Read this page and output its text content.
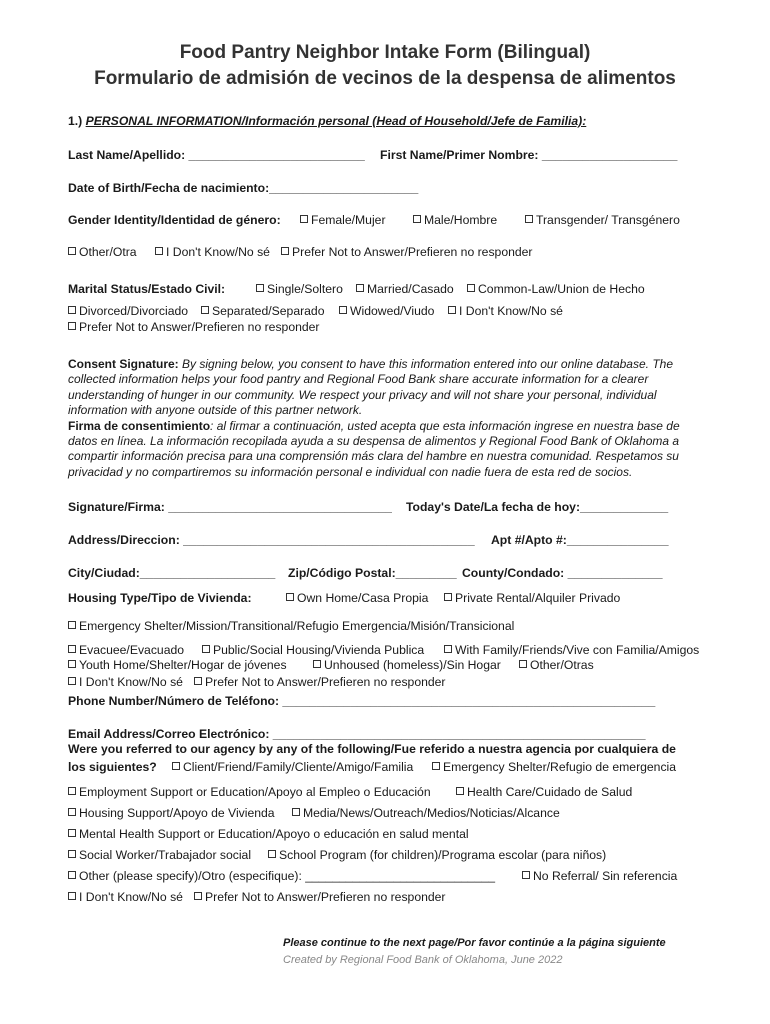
Food Pantry Neighbor Intake Form (Bilingual)
Formulario de admisión de vecinos de la despensa de alimentos
1.) PERSONAL INFORMATION/Información personal (Head of Household/Jefe de Familia):
Last Name/Apellido: __________________________ First Name/Primer Nombre: ____________________
Date of Birth/Fecha de nacimiento:______________________
Gender Identity/Identidad de género:	Female/Mujer	Male/Hombre	Transgender/ Transgénero
Other/Otra	I Don't Know/No sé	Prefer Not to Answer/Prefieren no responder
Marital Status/Estado Civil:	Single/Soltero	Married/Casado	Common-Law/Union de Hecho
Divorced/Divorciado	Separated/Separado	Widowed/Viudo	I Don't Know/No sé
Prefer Not to Answer/Prefieren no responder
Consent Signature: By signing below, you consent to have this information entered into our online database. The collected information helps your food pantry and Regional Food Bank share accurate information for a clearer understanding of hunger in our community. We respect your privacy and will not share your personal, individual information with anyone outside of this partner network.
Firma de consentimiento: al firmar a continuación, usted acepta que esta información ingrese en nuestra base de datos en línea. La información recopilada ayuda a su despensa de alimentos y Regional Food Bank of Oklahoma a compartir información precisa para una comprensión más clara del hambre en nuestra comunidad. Respetamos su privacidad y no compartiremos su información personal e individual con nadie fuera de esta red de socios.
Signature/Firma: _________________________________ Today's Date/La fecha de hoy:_____________
Address/Direccion: ___________________________________________ Apt #/Apto #:_______________
City/Ciudad:____________________ Zip/Código Postal:_________ County/Condado: ______________
Housing Type/Tipo de Vivienda:	Own Home/Casa Propia	Private Rental/Alquiler Privado
Emergency Shelter/Mission/Transitional/Refugio Emergencia/Misión/Transicional
Evacuee/Evacuado	Public/Social Housing/Vivienda Publica	With Family/Friends/Vive con Familia/Amigos
Youth Home/Shelter/Hogar de jóvenes	Unhoused (homeless)/Sin Hogar	Other/Otras
I Don't Know/No sé	Prefer Not to Answer/Prefieren no responder
Phone Number/Número de Teléfono: _______________________________________________________
Email Address/Correo Electrónico: _______________________________________________________
Were you referred to our agency by any of the following/Fue referido a nuestra agencia por cualquiera de
los siguientes?	Client/Friend/Family/Cliente/Amigo/Familia	Emergency Shelter/Refugio de emergencia
Employment Support or Education/Apoyo al Empleo o Educación	Health Care/Cuidado de Salud
Housing Support/Apoyo de Vivienda	Media/News/Outreach/Medios/Noticias/Alcance
Mental Health Support or Education/Apoyo o educación en salud mental
Social Worker/Trabajador social	School Program (for children)/Programa escolar (para niños)
Other (please specify)/Otro (especifique): ____________________________	No Referral/ Sin referencia
I Don't Know/No sé	Prefer Not to Answer/Prefieren no responder
Please continue to the next page/Por favor continúe a la página siguiente
Created by Regional Food Bank of Oklahoma, June 2022
